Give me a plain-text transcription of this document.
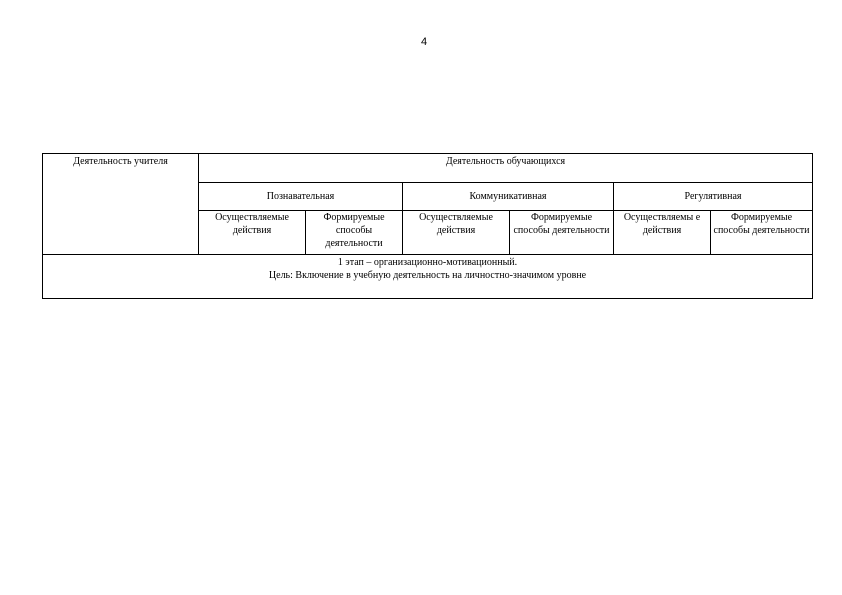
4
Деятельность учителя	Деятельность обучающихся					
	Познавательная		Коммуникативная		Регулятивная	
	Осуществляемые действия	Формируемые способы деятельности	Осуществляемые действия	Формируемые способы деятельности	Осуществляемы е действия	Формируемые способы деятельности

1 этап – организационно-мотивационный.
Цель: Включение в учебную деятельность на личностно-значимом уровне						
